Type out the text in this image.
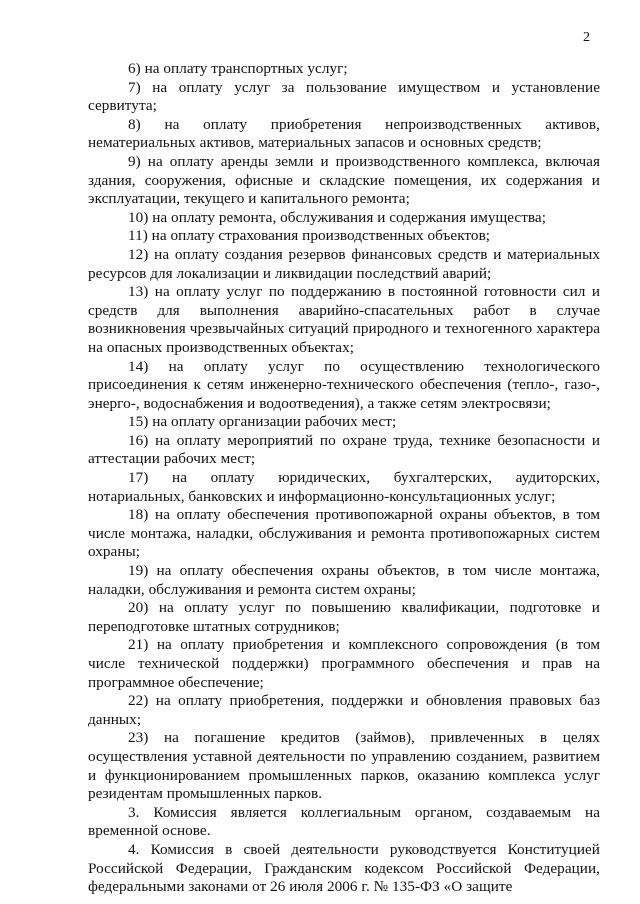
2

6) на оплату транспортных услуг;

7) на оплату услуг за пользование имуществом и установление сервитута;

8) на оплату приобретения непроизводственных активов, нематериальных активов, материальных запасов и основных средств;

9) на оплату аренды земли и производственного комплекса, включая здания, сооружения, офисные и складские помещения, их содержания и эксплуатации, текущего и капитального ремонта;

10) на оплату ремонта, обслуживания и содержания имущества;

11) на оплату страхования производственных объектов;

12) на оплату создания резервов финансовых средств и материальных ресурсов для локализации и ликвидации последствий аварий;

13) на оплату услуг по поддержанию в постоянной готовности сил и средств для выполнения аварийно-спасательных работ в случае возникновения чрезвычайных ситуаций природного и техногенного характера на опасных производственных объектах;

14) на оплату услуг по осуществлению технологического присоединения к сетям инженерно-технического обеспечения (тепло-, газо-, энерго-, водоснабжения и водоотведения), а также сетям электросвязи;

15) на оплату организации рабочих мест;

16) на оплату мероприятий по охране труда, технике безопасности и аттестации рабочих мест;

17) на оплату юридических, бухгалтерских, аудиторских, нотариальных, банковских и информационно-консультационных услуг;

18) на оплату обеспечения противопожарной охраны объектов, в том числе монтажа, наладки, обслуживания и ремонта противопожарных систем охраны;

19) на оплату обеспечения охраны объектов, в том числе монтажа, наладки, обслуживания и ремонта систем охраны;

20) на оплату услуг по повышению квалификации, подготовке и переподготовке штатных сотрудников;

21) на оплату приобретения и комплексного сопровождения (в том числе технической поддержки) программного обеспечения и прав на программное обеспечение;

22) на оплату приобретения, поддержки и обновления правовых баз данных;

23) на погашение кредитов (займов), привлеченных в целях осуществления уставной деятельности по управлению созданием, развитием и функционированием промышленных парков, оказанию комплекса услуг резидентам промышленных парков.

3. Комиссия является коллегиальным органом, создаваемым на временной основе.

4. Комиссия в своей деятельности руководствуется Конституцией Российской Федерации, Гражданским кодексом Российской Федерации, федеральными законами от 26 июля 2006 г. № 135-ФЗ «О защите
